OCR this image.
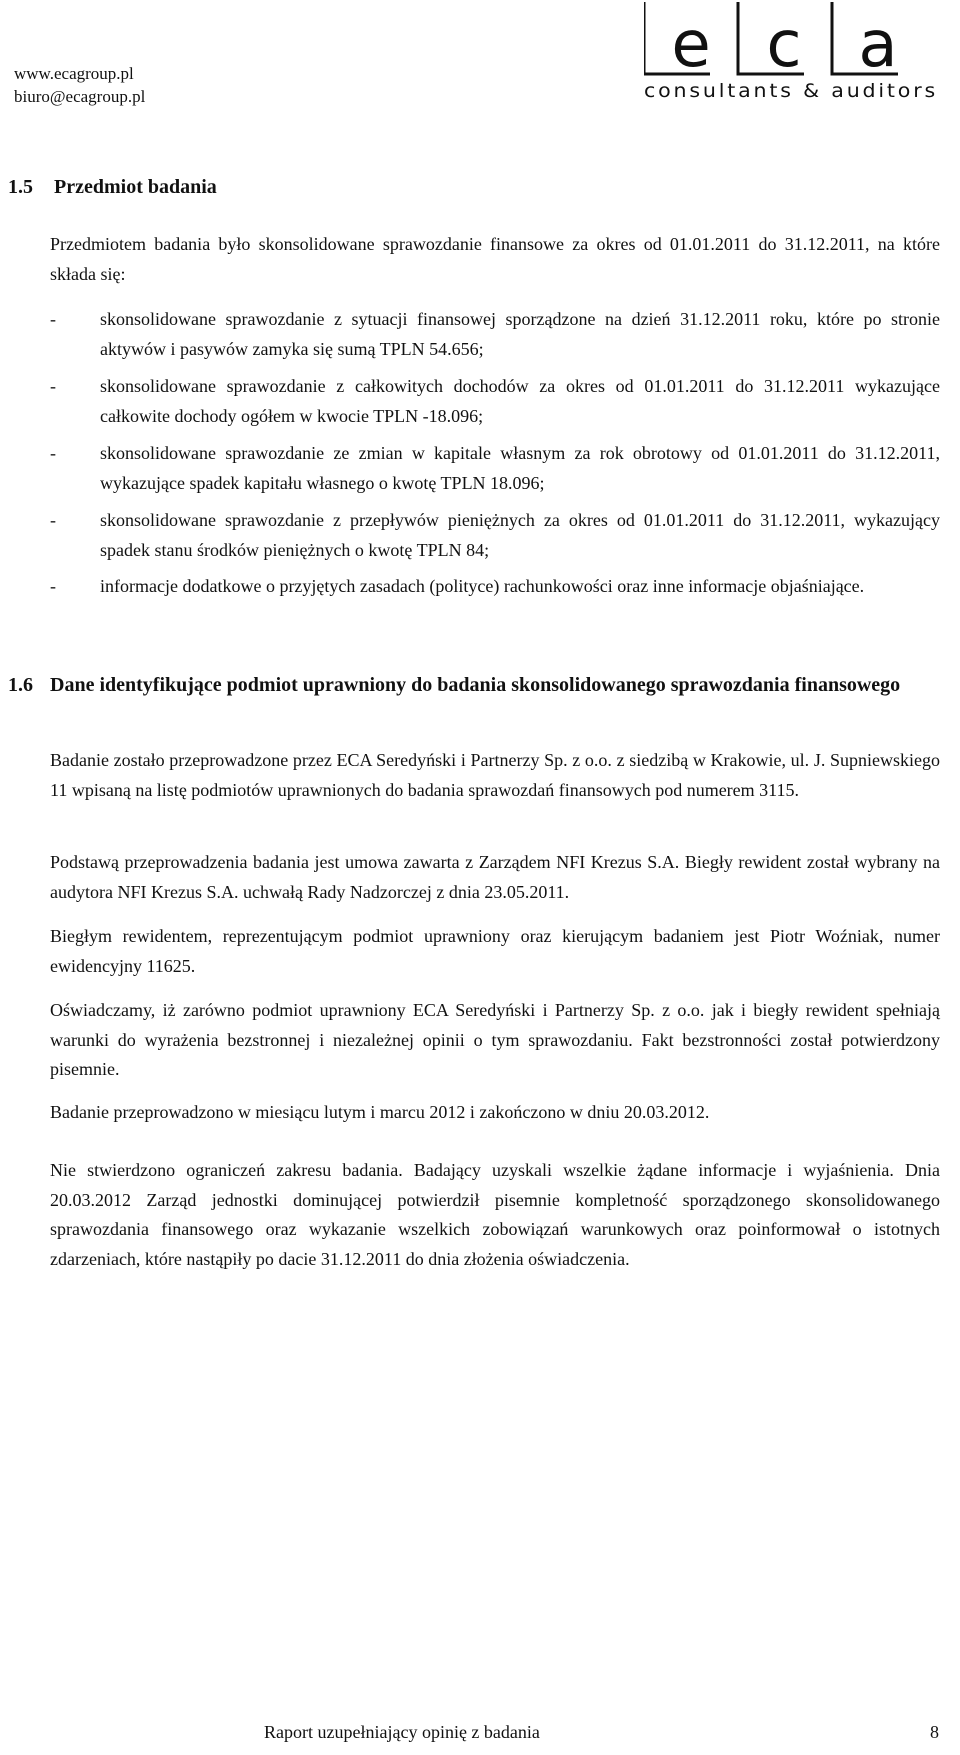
www.ecagroup.pl
biuro@ecagroup.pl
e c a
consultants & auditors
1.5 Przedmiot badania

Przedmiotem badania było skonsolidowane sprawozdanie finansowe za okres od 01.01.2011 do 31.12.2011, na które składa się:

- skonsolidowane sprawozdanie z sytuacji finansowej sporządzone na dzień 31.12.2011 roku, które po stronie aktywów i pasywów zamyka się sumą TPLN 54.656;
- skonsolidowane sprawozdanie z całkowitych dochodów za okres od 01.01.2011 do 31.12.2011 wykazujące całkowite dochody ogółem w kwocie TPLN -18.096;
- skonsolidowane sprawozdanie ze zmian w kapitale własnym za rok obrotowy od 01.01.2011 do 31.12.2011, wykazujące spadek kapitału własnego o kwotę TPLN 18.096;
- skonsolidowane sprawozdanie z przepływów pieniężnych za okres od 01.01.2011 do 31.12.2011, wykazujący spadek stanu środków pieniężnych o kwotę TPLN 84;
- informacje dodatkowe o przyjętych zasadach (polityce) rachunkowości oraz inne informacje objaśniające.
1.6 Dane identyfikujące podmiot uprawniony do badania skonsolidowanego sprawozdania finansowego

Badanie zostało przeprowadzone przez ECA Seredyński i Partnerzy Sp. z o.o. z siedzibą w Krakowie, ul. J. Supniewskiego 11 wpisaną na listę podmiotów uprawnionych do badania sprawozdań finansowych pod numerem 3115.

Podstawą przeprowadzenia badania jest umowa zawarta z Zarządem NFI Krezus S.A. Biegły rewident został wybrany na audytora NFI Krezus S.A. uchwałą Rady Nadzorczej z dnia 23.05.2011.

Biegłym rewidentem, reprezentującym podmiot uprawniony oraz kierującym badaniem jest Piotr Woźniak, numer ewidencyjny 11625.

Oświadczamy, iż zarówno podmiot uprawniony ECA Seredyński i Partnerzy Sp. z o.o. jak i biegły rewident spełniają warunki do wyrażenia bezstronnej i niezależnej opinii o tym sprawozdaniu. Fakt bezstronności został potwierdzony pisemnie.

Badanie przeprowadzono w miesiącu lutym i marcu 2012 i zakończono w dniu 20.03.2012.

Nie stwierdzono ograniczeń zakresu badania. Badający uzyskali wszelkie żądane informacje i wyjaśnienia. Dnia 20.03.2012 Zarząd jednostki dominującej potwierdził pisemnie kompletność sporządzonego skonsolidowanego sprawozdania finansowego oraz wykazanie wszelkich zobowiązań warunkowych oraz poinformował o istotnych zdarzeniach, które nastąpiły po dacie 31.12.2011 do dnia złożenia oświadczenia.

Raport uzupełniający opinię z badania	8
